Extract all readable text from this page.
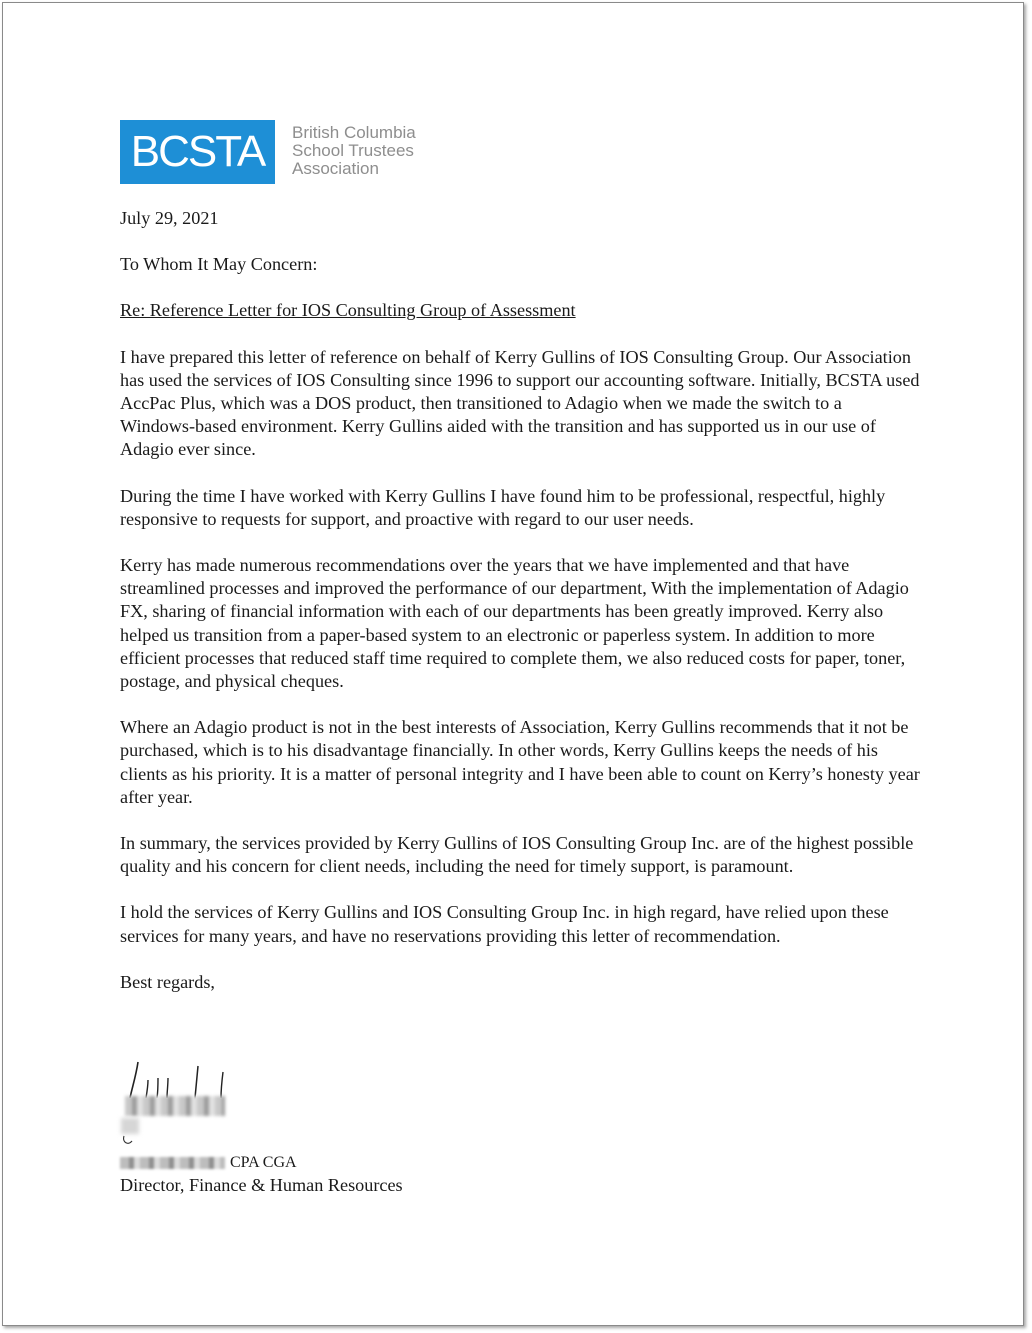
BCSTA British Columbia
School Trustees
Association

July 29, 2021

To Whom It May Concern:

Re: Reference Letter for IOS Consulting Group of Assessment

I have prepared this letter of reference on behalf of Kerry Gullins of IOS Consulting Group. Our Association has used the services of IOS Consulting since 1996 to support our accounting software. Initially, BCSTA used AccPac Plus, which was a DOS product, then transitioned to Adagio when we made the switch to a Windows-based environment. Kerry Gullins aided with the transition and has supported us in our use of Adagio ever since.

During the time I have worked with Kerry Gullins I have found him to be professional, respectful, highly responsive to requests for support, and proactive with regard to our user needs.

Kerry has made numerous recommendations over the years that we have implemented and that have streamlined processes and improved the performance of our department, With the implementation of Adagio FX, sharing of financial information with each of our departments has been greatly improved. Kerry also helped us transition from a paper-based system to an electronic or paperless system. In addition to more efficient processes that reduced staff time required to complete them, we also reduced costs for paper, toner, postage, and physical cheques.

Where an Adagio product is not in the best interests of Association, Kerry Gullins recommends that it not be purchased, which is to his disadvantage financially. In other words, Kerry Gullins keeps the needs of his clients as his priority. It is a matter of personal integrity and I have been able to count on Kerry’s honesty year after year.

In summary, the services provided by Kerry Gullins of IOS Consulting Group Inc. are of the highest possible quality and his concern for client needs, including the need for timely support, is paramount.

I hold the services of Kerry Gullins and IOS Consulting Group Inc. in high regard, have relied upon these services for many years, and have no reservations providing this letter of recommendation.

Best regards,

CPA CGA
Director, Finance & Human Resources
